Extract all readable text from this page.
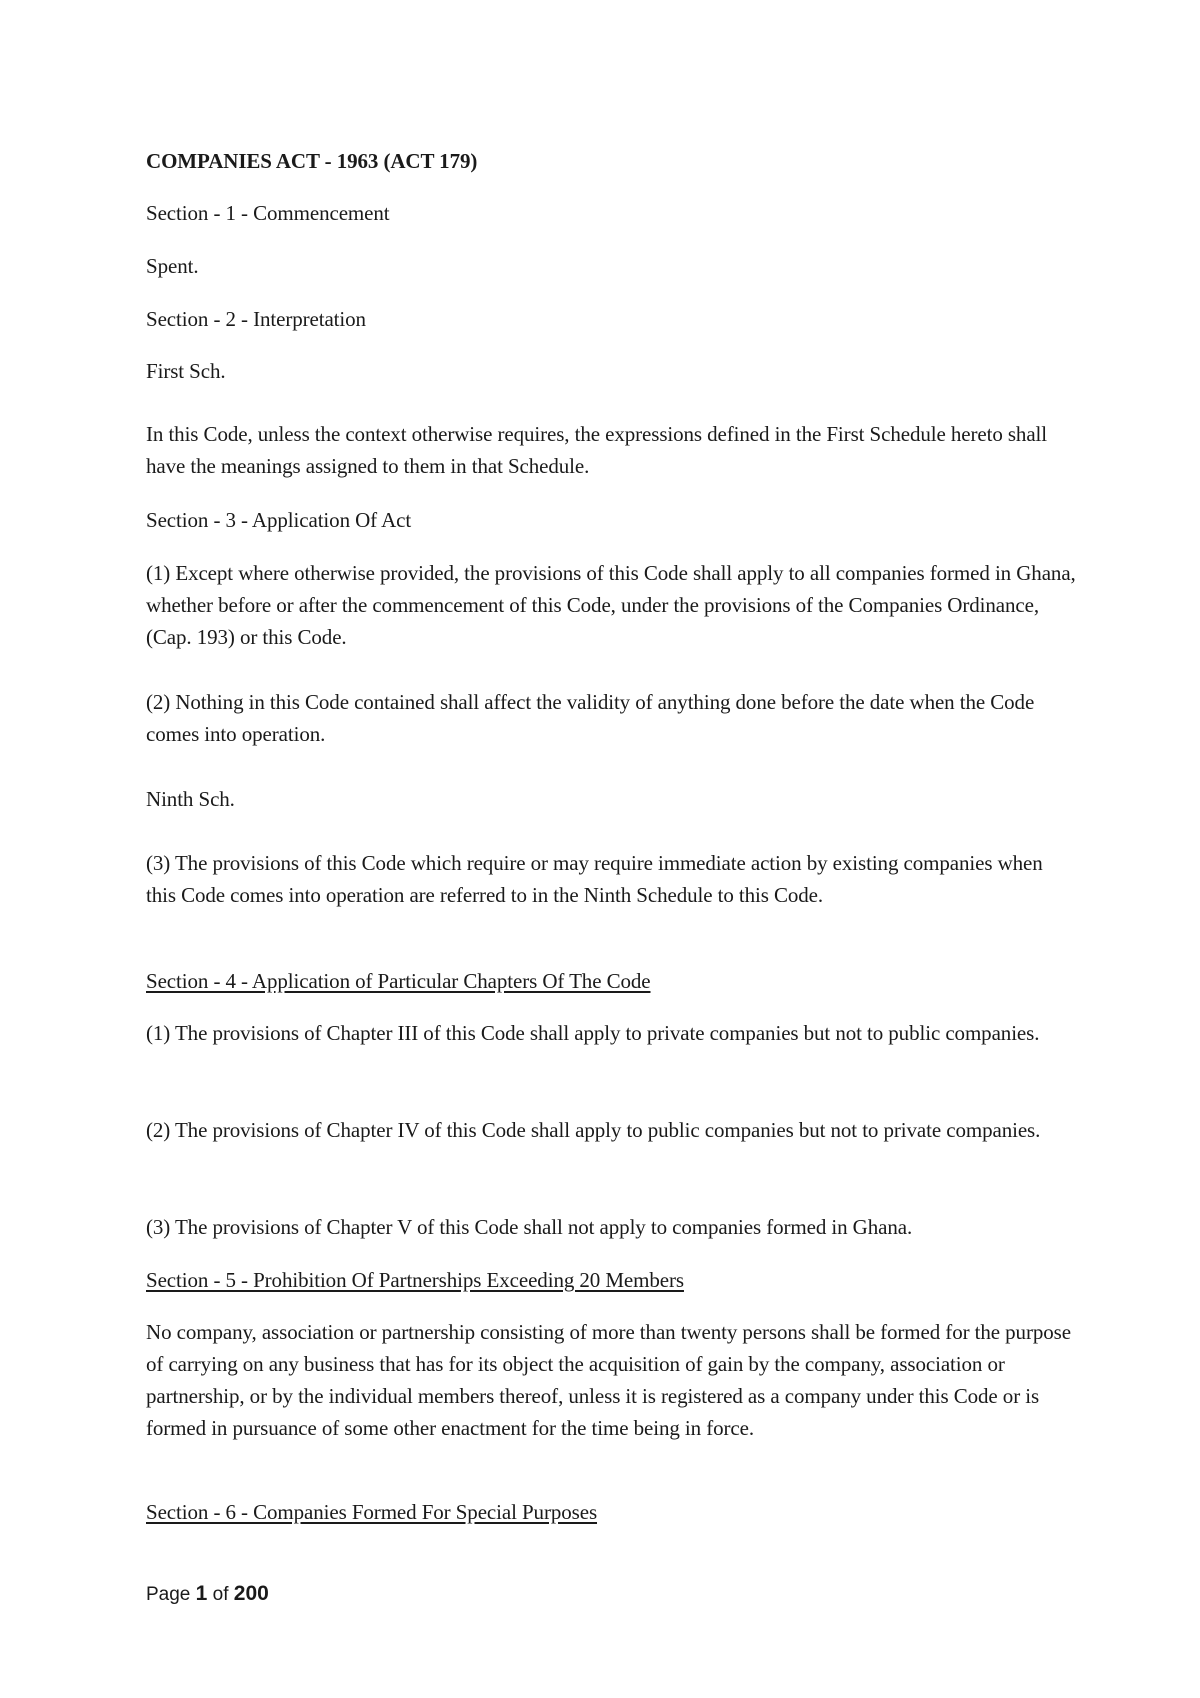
COMPANIES ACT - 1963 (ACT 179)

Section - 1 - Commencement

Spent.

Section - 2 - Interpretation

First Sch.

In this Code, unless the context otherwise requires, the expressions defined in the First Schedule hereto shall have the meanings assigned to them in that Schedule.

Section - 3 - Application Of Act

(1) Except where otherwise provided, the provisions of this Code shall apply to all companies formed in Ghana, whether before or after the commencement of this Code, under the provisions of the Companies Ordinance, (Cap. 193) or this Code.

(2) Nothing in this Code contained shall affect the validity of anything done before the date when the Code comes into operation.

Ninth Sch.

(3) The provisions of this Code which require or may require immediate action by existing companies when this Code comes into operation are referred to in the Ninth Schedule to this Code.

Section - 4 - Application of Particular Chapters Of The Code

(1) The provisions of Chapter III of this Code shall apply to private companies but not to public companies.

(2) The provisions of Chapter IV of this Code shall apply to public companies but not to private companies.

(3) The provisions of Chapter V of this Code shall not apply to companies formed in Ghana.

Section - 5 - Prohibition Of Partnerships Exceeding 20 Members

No company, association or partnership consisting of more than twenty persons shall be formed for the purpose of carrying on any business that has for its object the acquisition of gain by the company, association or partnership, or by the individual members thereof, unless it is registered as a company under this Code or is formed in pursuance of some other enactment for the time being in force.

Section - 6 - Companies Formed For Special Purposes

Page 1 of 200
